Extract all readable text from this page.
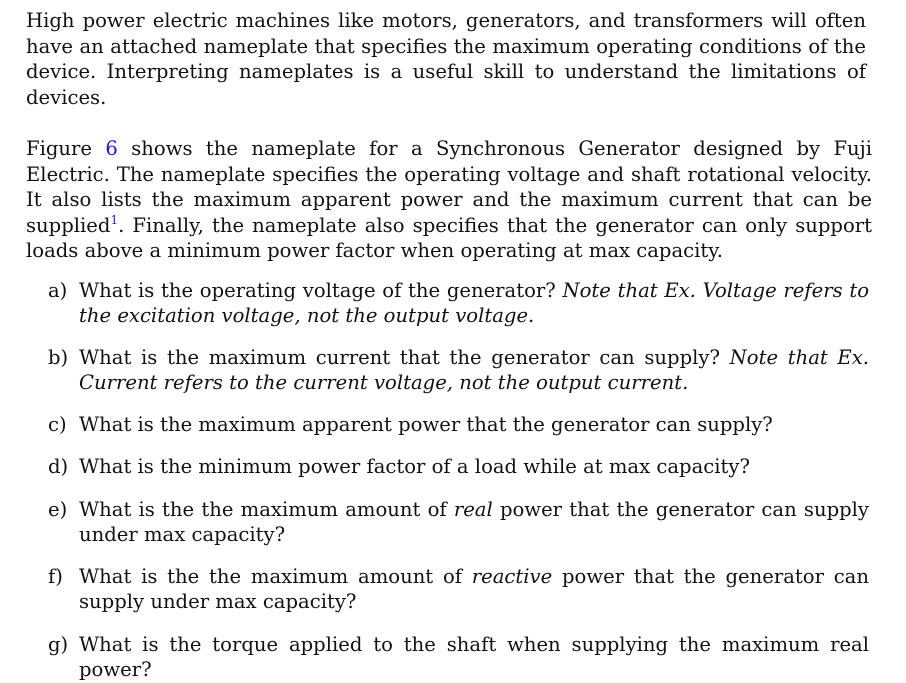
High power electric machines like motors, generators, and transformers will often have an attached nameplate that specifies the maximum operating conditions of the device. Interpreting nameplates is a useful skill to understand the limitations of devices.

Figure 6 shows the nameplate for a Synchronous Generator designed by Fuji Electric. The nameplate specifies the operating voltage and shaft rotational velocity. It also lists the maximum apparent power and the maximum current that can be supplied$^1$. Finally, the nameplate also specifies that the generator can only support loads above a minimum power factor when operating at max capacity.

a) What is the operating voltage of the generator? Note that Ex. Voltage refers to the excitation voltage, not the output voltage.

b) What is the maximum current that the generator can supply? Note that Ex. Current refers to the current voltage, not the output current.

c) What is the maximum apparent power that the generator can supply?

d) What is the minimum power factor of a load while at max capacity?

e) What is the the maximum amount of real power that the generator can supply under max capacity?

f) What is the the maximum amount of reactive power that the generator can supply under max capacity?

g) What is the torque applied to the shaft when supplying the maximum real power?
